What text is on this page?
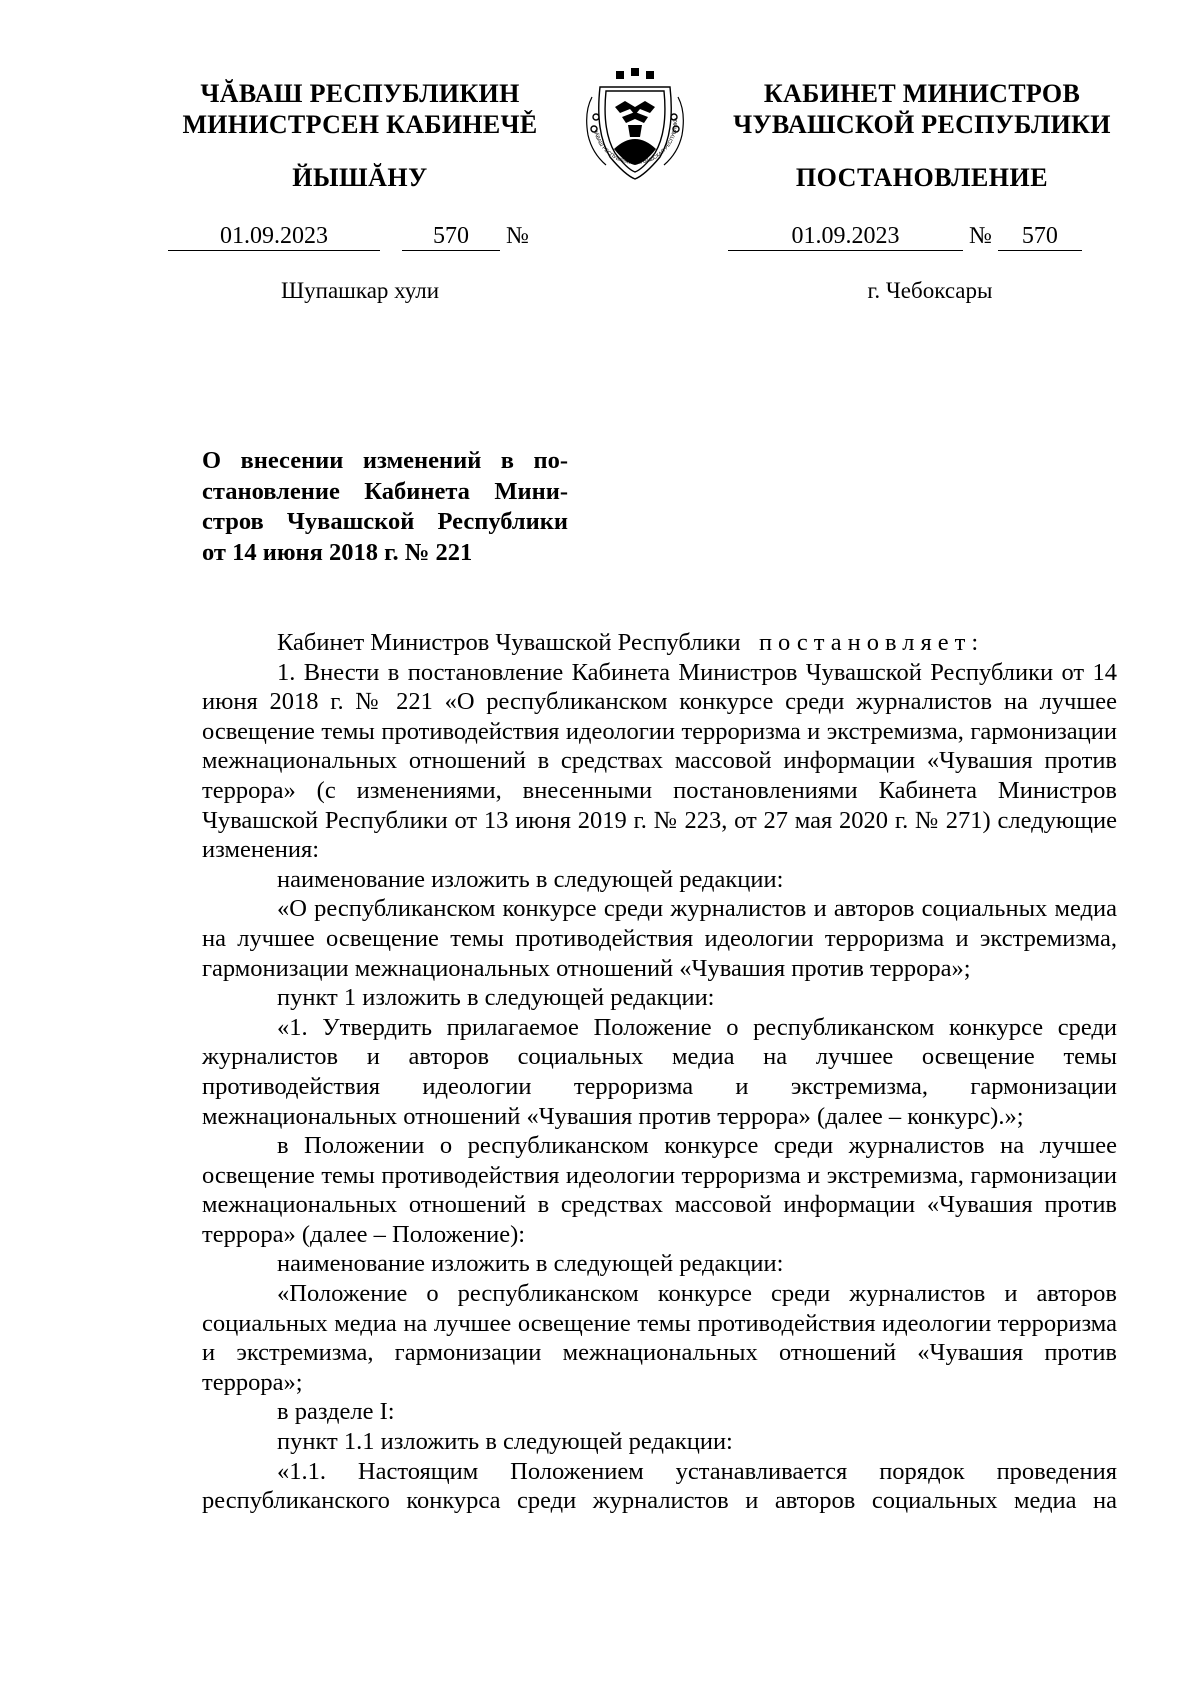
ЧĂВАШ РЕСПУБЛИКИН
МИНИСТРСЕН КАБИНЕЧĚ
ЙЫШĂНУ
КАБИНЕТ МИНИСТРОВ
ЧУВАШСКОЙ РЕСПУБЛИКИ
ПОСТАНОВЛЕНИЕ
ЧĂВАШ РЕСПУБЛИКИ • ЧУВАШСКАЯ РЕСПУБЛИКА
01.09.2023	570 №	01.09.2023	№ 570
Шупашкар хули	г. Чебоксары
О внесении изменений в по-
становление Кабинета Мини-
стров Чувашской Республики
от 14 июня 2018 г. № 221
Кабинет Министров Чувашской Республики постановляет:
1. Внести в постановление Кабинета Министров Чувашской Республики от 14 июня 2018 г. № 221 «О республиканском конкурсе среди журналистов на лучшее освещение темы противодействия идеологии терроризма и экстремизма, гармонизации межнациональных отношений в средствах массовой информации «Чувашия против террора» (с изменениями, внесенными постановлениями Кабинета Министров Чувашской Республики от 13 июня 2019 г. № 223, от 27 мая 2020 г. № 271) следующие изменения:
наименование изложить в следующей редакции:
«О республиканском конкурсе среди журналистов и авторов социальных медиа на лучшее освещение темы противодействия идеологии терроризма и экстремизма, гармонизации межнациональных отношений «Чувашия против террора»;
пункт 1 изложить в следующей редакции:
«1. Утвердить прилагаемое Положение о республиканском конкурсе среди журналистов и авторов социальных медиа на лучшее освещение темы противодействия идеологии терроризма и экстремизма, гармонизации межнациональных отношений «Чувашия против террора» (далее – конкурс).»;
в Положении о республиканском конкурсе среди журналистов на лучшее освещение темы противодействия идеологии терроризма и экстремизма, гармонизации межнациональных отношений в средствах массовой информации «Чувашия против террора» (далее – Положение):
наименование изложить в следующей редакции:
«Положение о республиканском конкурсе среди журналистов и авторов социальных медиа на лучшее освещение темы противодействия идеологии терроризма и экстремизма, гармонизации межнациональных отношений «Чувашия против террора»;
в разделе I:
пункт 1.1 изложить в следующей редакции:
«1.1. Настоящим Положением устанавливается порядок проведения республиканского конкурса среди журналистов и авторов социальных медиа на
